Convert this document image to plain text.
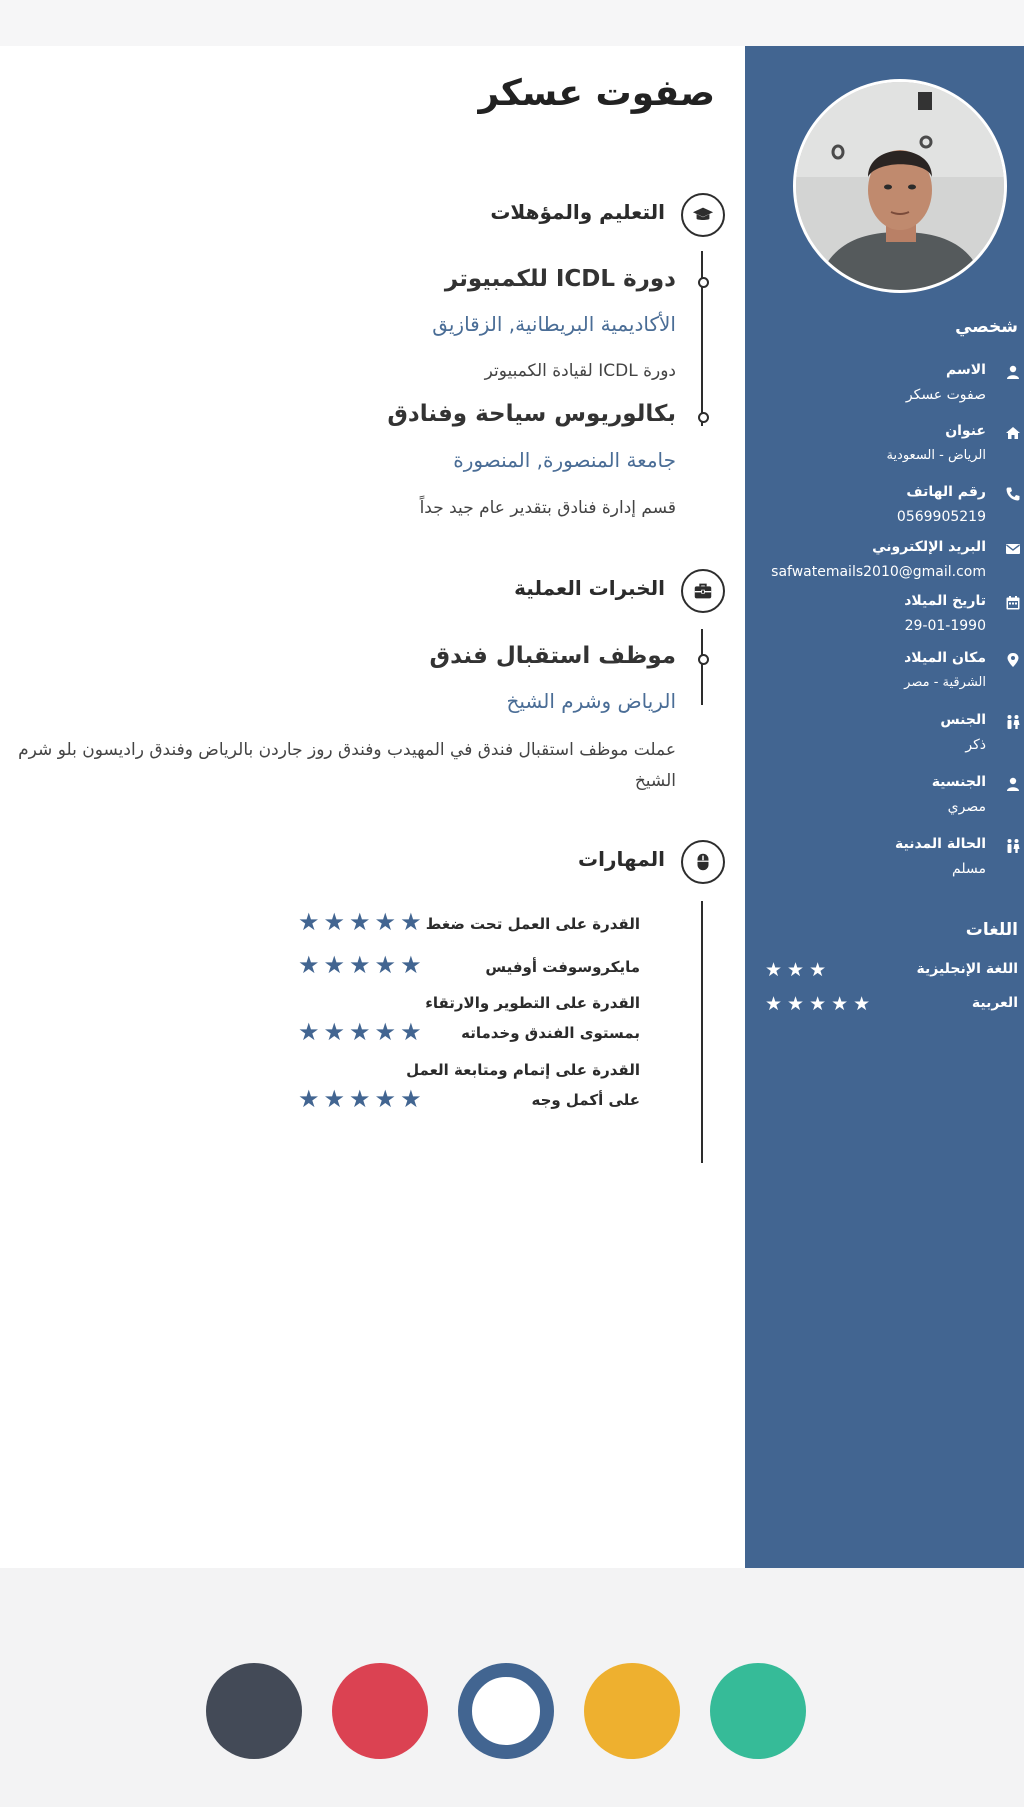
صفوت عسكر
التعليم والمؤهلات
دورة ICDL للكمبيوتر
الأكاديمية البريطانية, الزقازيق
دورة ICDL لقيادة الكمبيوتر
بكالوريوس سياحة وفنادق
جامعة المنصورة, المنصورة
قسم إدارة فنادق بتقدير عام جيد جداً
الخبرات العملية
موظف استقبال فندق
الرياض وشرم الشيخ
عملت موظف استقبال فندق في المهيدب وفندق روز جاردن بالرياض وفندق راديسون بلو شرم الشيخ
المهارات
القدرة على العمل تحت ضغط
★★★★★
مايكروسوفت أوفيس
★★★★★
القدرة على التطوير والارتقاء بمستوى الفندق وخدماته
★★★★★
القدرة على إتمام ومتابعة العمل على أكمل وجه
★★★★★
شخصي
الاسم
صفوت عسكر
عنوان
الرياض - السعودية
رقم الهاتف
0569905219
البريد الإلكتروني
safwatemails2010@gmail.com
تاريخ الميلاد
29-01-1990
مكان الميلاد
الشرقية - مصر
الجنس
ذكر
الجنسية
مصري
الحالة المدنية
مسلم
اللغات
اللغة الإنجليزية
★★★
العربية
★★★★★
